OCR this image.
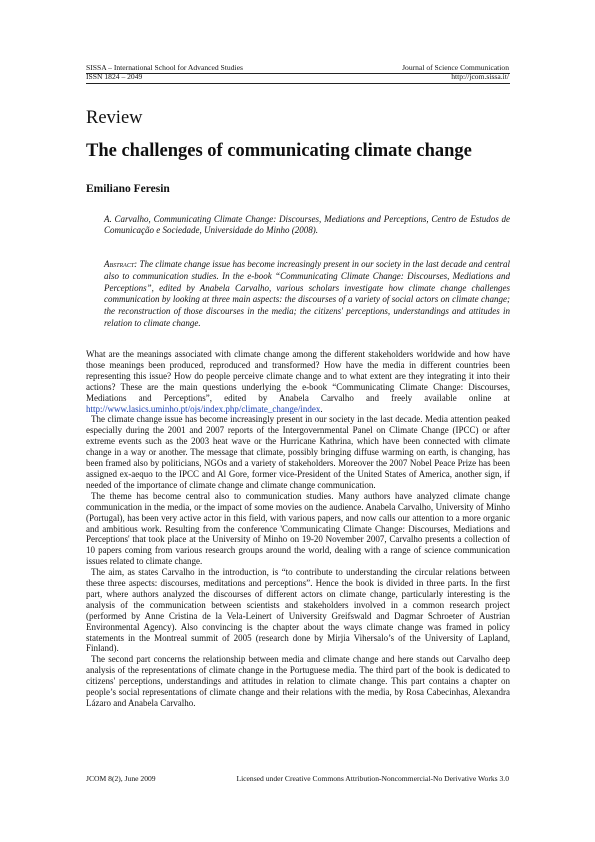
SISSA – International School for Advanced Studies
ISSN 1824 – 2049
Journal of Science Communication
http://jcom.sissa.it/
Review
The challenges of communicating climate change
Emiliano Feresin
A. Carvalho, Communicating Climate Change: Discourses, Mediations and Perceptions, Centro de Estudos de Comunicação e Sociedade, Universidade do Minho (2008).
Abstract: The climate change issue has become increasingly present in our society in the last decade and central also to communication studies. In the e-book “Communicating Climate Change: Discourses, Mediations and Perceptions”, edited by Anabela Carvalho, various scholars investigate how climate change challenges communication by looking at three main aspects: the discourses of a variety of social actors on climate change; the reconstruction of those discourses in the media; the citizens' perceptions, understandings and attitudes in relation to climate change.

What are the meanings associated with climate change among the different stakeholders worldwide and how have those meanings been produced, reproduced and transformed? How have the media in different countries been representing this issue? How do people perceive climate change and to what extent are they integrating it into their actions? These are the main questions underlying the e-book “Communicating Climate Change: Discourses, Mediations and Perceptions”, edited by Anabela Carvalho and freely available online at http://www.lasics.uminho.pt/ojs/index.php/climate_change/index.

The climate change issue has become increasingly present in our society in the last decade. Media attention peaked especially during the 2001 and 2007 reports of the Intergovernmental Panel on Climate Change (IPCC) or after extreme events such as the 2003 heat wave or the Hurricane Kathrina, which have been connected with climate change in a way or another. The message that climate, possibly bringing diffuse warming on earth, is changing, has been framed also by politicians, NGOs and a variety of stakeholders. Moreover the 2007 Nobel Peace Prize has been assigned ex-aequo to the IPCC and Al Gore, former vice-President of the United States of America, another sign, if needed of the importance of climate change and climate change communication.

The theme has become central also to communication studies. Many authors have analyzed climate change communication in the media, or the impact of some movies on the audience. Anabela Carvalho, University of Minho (Portugal), has been very active actor in this field, with various papers, and now calls our attention to a more organic and ambitious work. Resulting from the conference 'Communicating Climate Change: Discourses, Mediations and Perceptions' that took place at the University of Minho on 19-20 November 2007, Carvalho presents a collection of 10 papers coming from various research groups around the world, dealing with a range of science communication issues related to climate change.

The aim, as states Carvalho in the introduction, is “to contribute to understanding the circular relations between these three aspects: discourses, meditations and perceptions”. Hence the book is divided in three parts. In the first part, where authors analyzed the discourses of different actors on climate change, particularly interesting is the analysis of the communication between scientists and stakeholders involved in a common research project (performed by Anne Cristina de la Vela-Leinert of University Greifswald and Dagmar Schroeter of Austrian Environmental Agency). Also convincing is the chapter about the ways climate change was framed in policy statements in the Montreal summit of 2005 (research done by Mirjia Vihersalo’s of the University of Lapland, Finland).

The second part concerns the relationship between media and climate change and here stands out Carvalho deep analysis of the representations of climate change in the Portuguese media. The third part of the book is dedicated to citizens' perceptions, understandings and attitudes in relation to climate change. This part contains a chapter on people’s social representations of climate change and their relations with the media, by Rosa Cabecinhas, Alexandra Lázaro and Anabela Carvalho.

JCOM 8(2), June 2009	Licensed under Creative Commons Attribution-Noncommercial-No Derivative Works 3.0
